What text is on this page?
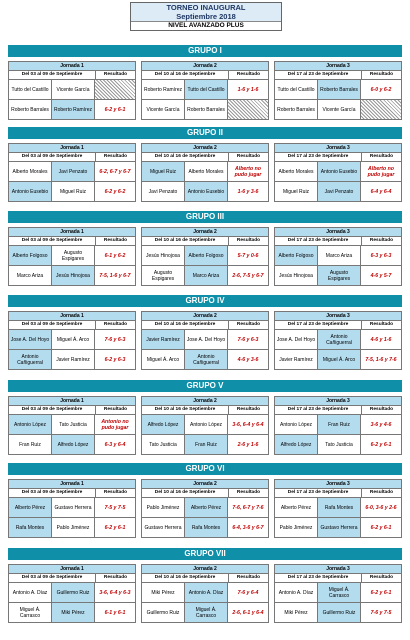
TORNEO INAUGURAL
Septiembre 2018
NIVEL AVANZADO PLUS
GRUPO I
Jornada 1
Del 03 al 09 de Septiembre	Resultado
Tutto del Castillo	Vicente García
Roberto Barrales	Roberto Ramírez	6-2 y 6-1
Jornada 2
Del 10 al 16 de Septiembre	Resultado
Roberto Ramírez	Tutto del Castillo	1-6 y 1-6
Vicente García	Roberto Barrales
Jornada 3
Del 17 al 23 de Septiembre	Resultado
Tutto del Castillo	Roberto Barrales	6-0 y 6-2
Roberto Barrales	Vicente García
GRUPO II
Jornada 1
Del 03 al 09 de Septiembre	Resultado
Alberto Morales	Javi Penzato	6-2, 6-7 y 6-7
Antonio Eusebio	Miguel Ruiz	6-2 y 6-2
Jornada 2
Del 10 al 16 de Septiembre	Resultado
Miguel Ruiz	Alberto Morales	Alberto no pudo jugar
Javi Penzato	Antonio Eusebio	1-6 y 3-6
Jornada 3
Del 17 al 23 de Septiembre	Resultado
Alberto Morales	Antonio Eusebio	Alberto no pudo jugar
Miguel Ruiz	Javi Penzato	6-4 y 6-4
GRUPO III
Jornada 1
Del 03 al 09 de Septiembre	Resultado
Alberto Folgoso	Augusto Espigares	6-1 y 6-2
Marco Ariza	Jesús Hinojosa	7-5, 1-6 y 6-7
Jornada 2
Del 10 al 16 de Septiembre	Resultado
Jesús Hinojosa	Alberto Folgoso	5-7 y 0-6
Augusto Espigares	Marco Ariza	2-6, 7-5 y 6-7
Jornada 3
Del 17 al 23 de Septiembre	Resultado
Alberto Folgoso	Marco Ariza	6-3 y 6-3
Jesús Hinojosa	Augusto Espigares	4-6 y 5-7
GRUPO IV
Jornada 1
Del 03 al 09 de Septiembre	Resultado
Jose A. Del Hoyo	Miguel Á. Arco	7-6 y 6-3
Antonio Cañiguerral	Javier Ramírez	6-2 y 6-3
Jornada 2
Del 10 al 16 de Septiembre	Resultado
Javier Ramírez	Jose A. Del Hoyo	7-6 y 6-3
Miguel Á. Arco	Antonio Cañiguerral	4-6 y 3-6
Jornada 3
Del 17 al 23 de Septiembre	Resultado
Jose A. Del Hoyo	Antonio Cañiguerral	4-6 y 1-6
Javier Ramírez	Miguel Á. Arco	7-5, 1-6 y 7-6
GRUPO V
Jornada 1
Del 03 al 09 de Septiembre	Resultado
Antonio López	Tato Justicia	Antonio no pudo jugar
Fran Ruiz	Alfredo López	6-3 y 6-4
Jornada 2
Del 10 al 16 de Septiembre	Resultado
Alfredo López	Antonio López	3-6, 6-4 y 6-4
Tato Justicia	Fran Ruiz	2-6 y 1-6
Jornada 3
Del 17 al 23 de Septiembre	Resultado
Antonio López	Fran Ruiz	3-6 y 4-6
Alfredo López	Tato Justicia	6-2 y 6-1
GRUPO VI
Jornada 1
Del 03 al 09 de Septiembre	Resultado
Alberto Pérez	Gustavo Herrera	7-5 y 7-5
Rafa Montes	Pablo Jiménez	6-2 y 6-1
Jornada 2
Del 10 al 16 de Septiembre	Resultado
Pablo Jiménez	Alberto Pérez	7-6, 6-7 y 7-6
Gustavo Herrera	Rafa Montes	6-4, 3-6 y 6-7
Jornada 3
Del 17 al 23 de Septiembre	Resultado
Alberto Pérez	Rafa Montes	6-0, 3-6 y 2-6
Pablo Jiménez	Gustavo Herrera	6-2 y 6-1
GRUPO VII
Jornada 1
Del 03 al 09 de Septiembre	Resultado
Antonio A. Díaz	Guillermo Ruiz	3-6, 6-4 y 6-3
Miguel Á. Carrasco	Miki Pérez	6-1 y 6-1
Jornada 2
Del 10 al 16 de Septiembre	Resultado
Miki Pérez	Antonio A. Díaz	7-6 y 6-4
Guillermo Ruiz	Miguel Á. Carrasco	2-6, 6-1 y 6-4
Jornada 3
Del 17 al 23 de Septiembre	Resultado
Antonio A. Díaz	Miguel Á. Carrasco	6-2 y 6-1
Miki Pérez	Guillermo Ruiz	7-6 y 7-5
